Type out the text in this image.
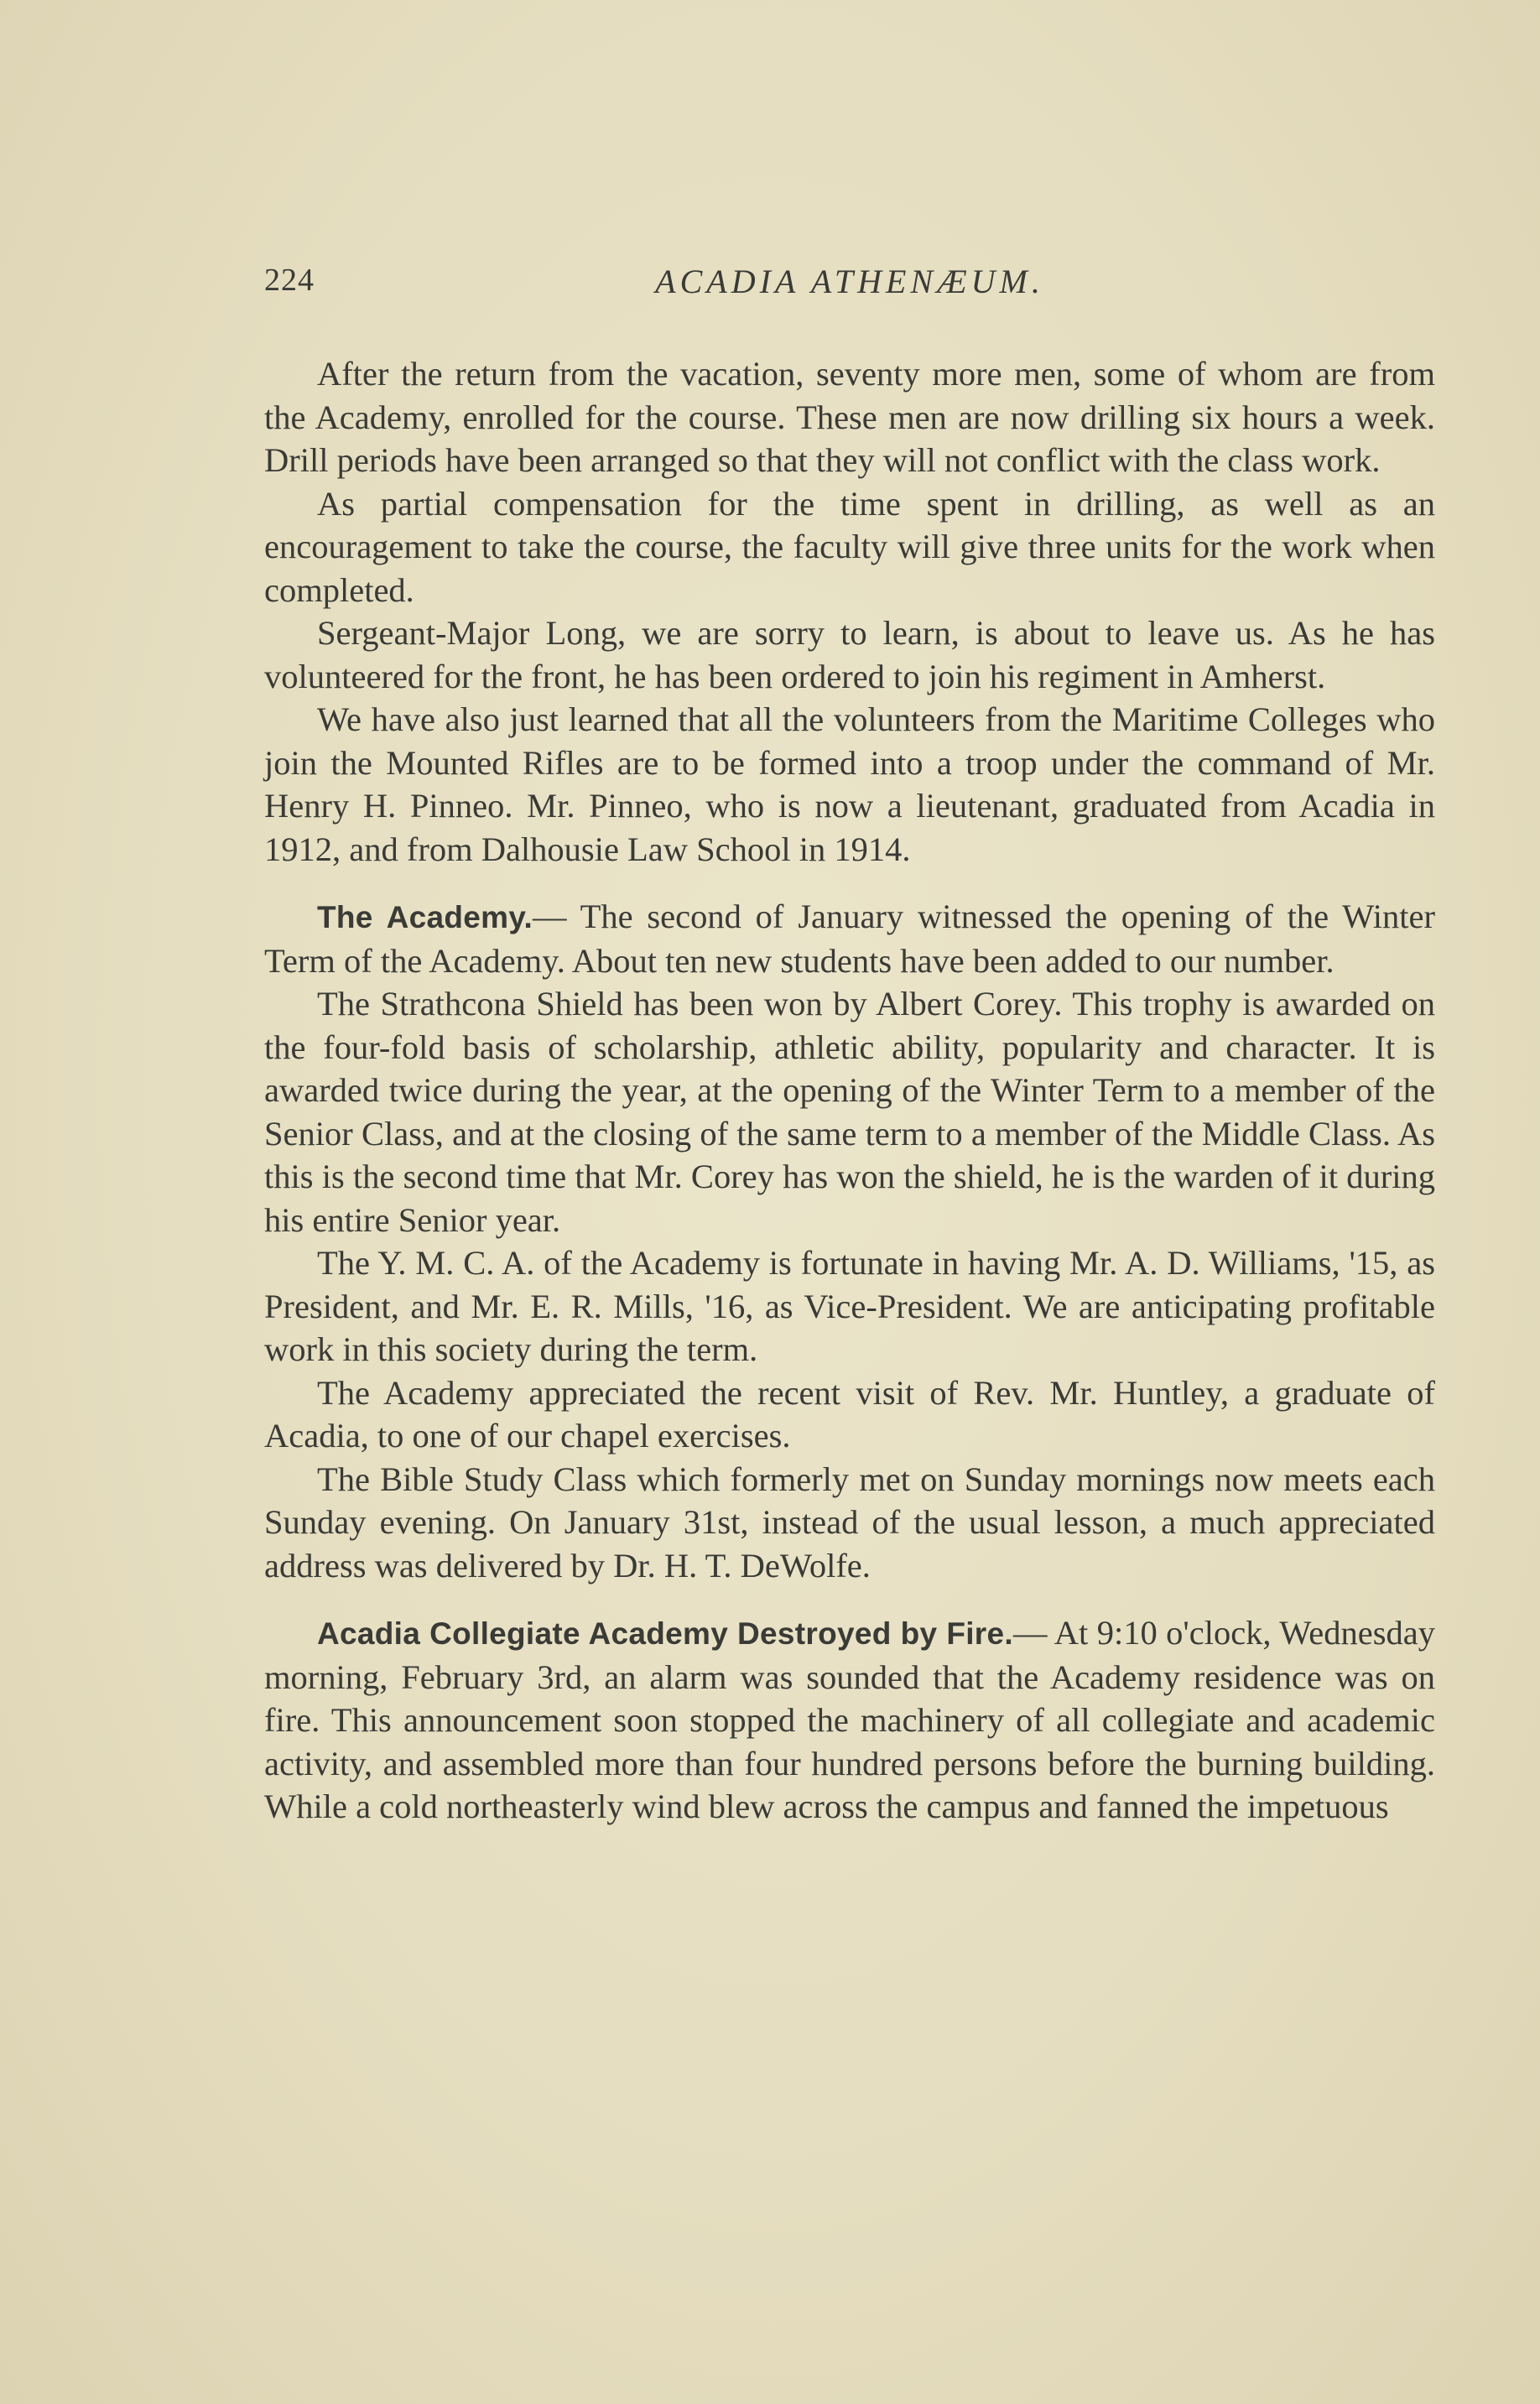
224	ACADIA ATHENÆUM.

After the return from the vacation, seventy more men, some of whom are from the Academy, enrolled for the course. These men are now drilling six hours a week. Drill periods have been arranged so that they will not conflict with the class work.

As partial compensation for the time spent in drilling, as well as an encouragement to take the course, the faculty will give three units for the work when completed.

Sergeant-Major Long, we are sorry to learn, is about to leave us. As he has volunteered for the front, he has been ordered to join his regiment in Amherst.

We have also just learned that all the volunteers from the Maritime Colleges who join the Mounted Rifles are to be formed into a troop under the command of Mr. Henry H. Pinneo. Mr. Pinneo, who is now a lieutenant, graduated from Acadia in 1912, and from Dalhousie Law School in 1914.

The Academy.— The second of January witnessed the opening of the Winter Term of the Academy. About ten new students have been added to our number.

The Strathcona Shield has been won by Albert Corey. This trophy is awarded on the four-fold basis of scholarship, athletic ability, popularity and character. It is awarded twice during the year, at the opening of the Winter Term to a member of the Senior Class, and at the closing of the same term to a member of the Middle Class. As this is the second time that Mr. Corey has won the shield, he is the warden of it during his entire Senior year.

The Y. M. C. A. of the Academy is fortunate in having Mr. A. D. Williams, '15, as President, and Mr. E. R. Mills, '16, as Vice-President. We are anticipating profitable work in this society during the term.

The Academy appreciated the recent visit of Rev. Mr. Huntley, a graduate of Acadia, to one of our chapel exercises.

The Bible Study Class which formerly met on Sunday mornings now meets each Sunday evening. On January 31st, instead of the usual lesson, a much appreciated address was delivered by Dr. H. T. DeWolfe.

Acadia Collegiate Academy Destroyed by Fire.— At 9:10 o'clock, Wednesday morning, February 3rd, an alarm was sounded that the Academy residence was on fire. This announcement soon stopped the machinery of all collegiate and academic activity, and assembled more than four hundred persons before the burning building. While a cold northeasterly wind blew across the campus and fanned the impetuous
